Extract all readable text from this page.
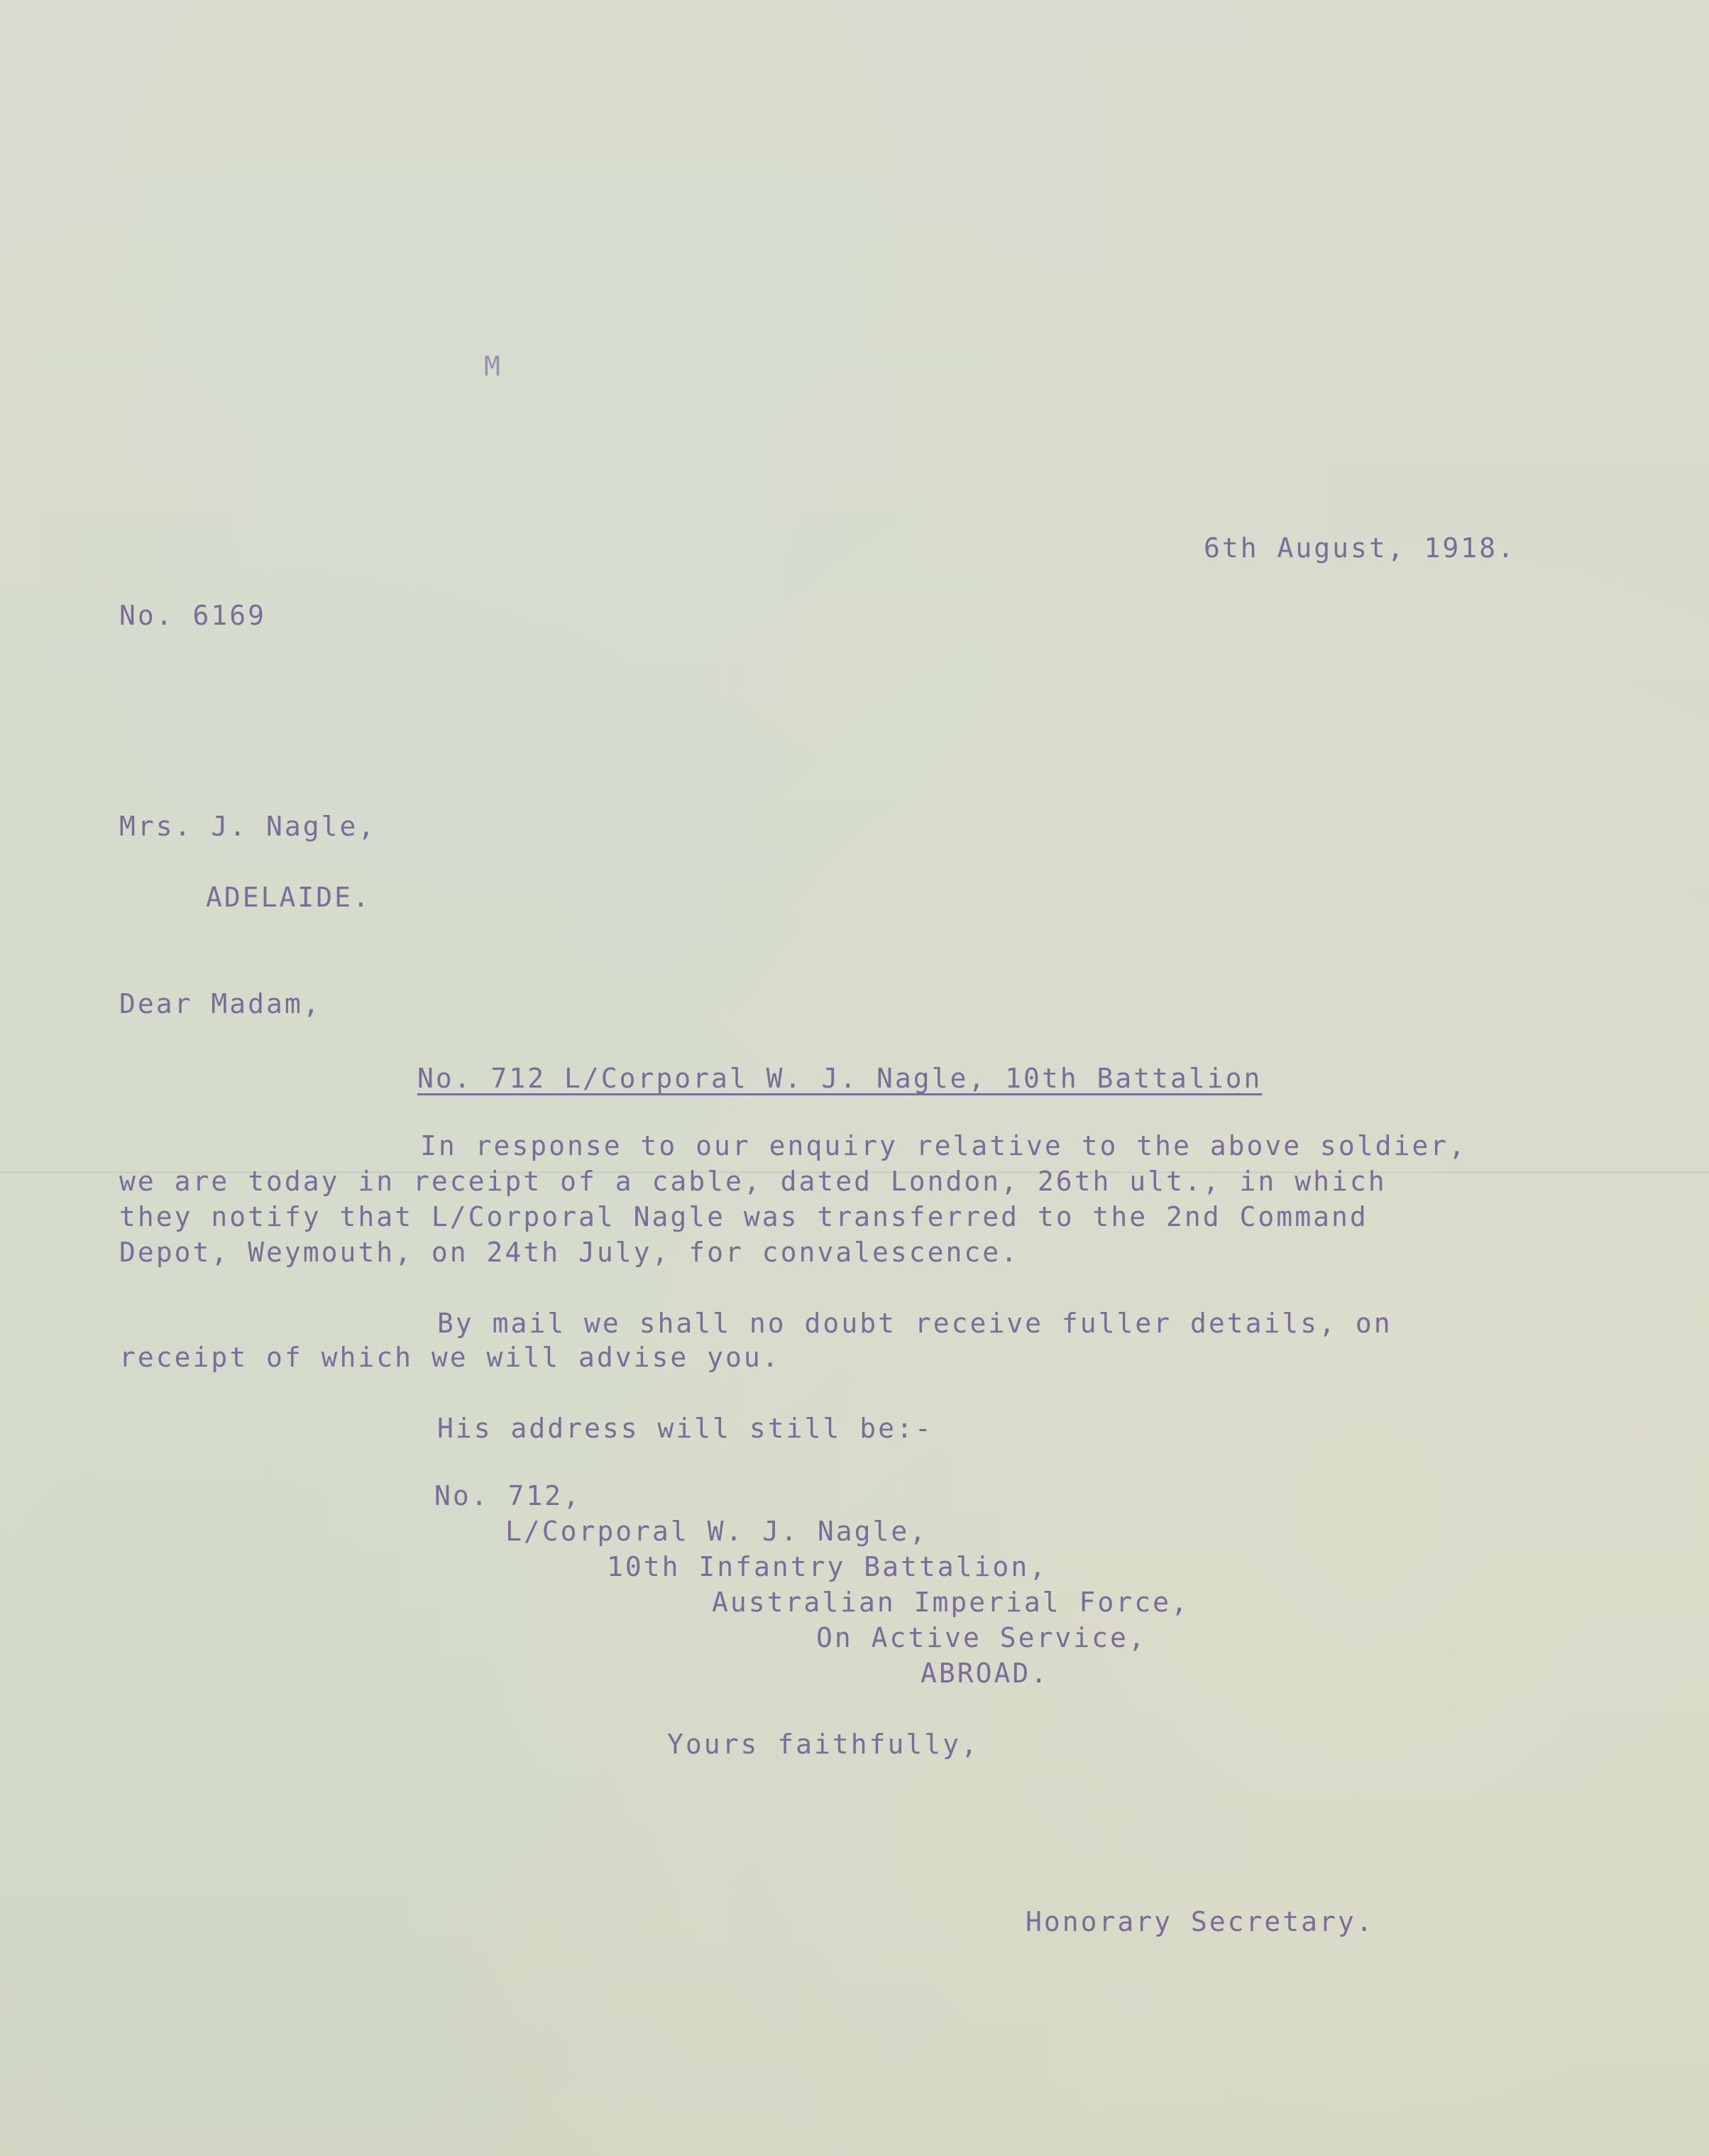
M
6th August, 1918.
No. 6169
Mrs. J. Nagle,
ADELAIDE.
Dear Madam,
No. 712 L/Corporal W. J. Nagle, 10th Battalion
In response to our enquiry relative to the above soldier,
we are today in receipt of a cable, dated London, 26th ult., in which
they notify that L/Corporal Nagle was transferred to the 2nd Command
Depot, Weymouth, on 24th July, for convalescence.
By mail we shall no doubt receive fuller details, on
receipt of which we will advise you.
His address will still be:-
No. 712,
L/Corporal W. J. Nagle,
10th Infantry Battalion,
Australian Imperial Force,
On Active Service,
ABROAD.
Yours faithfully,
Honorary Secretary.
